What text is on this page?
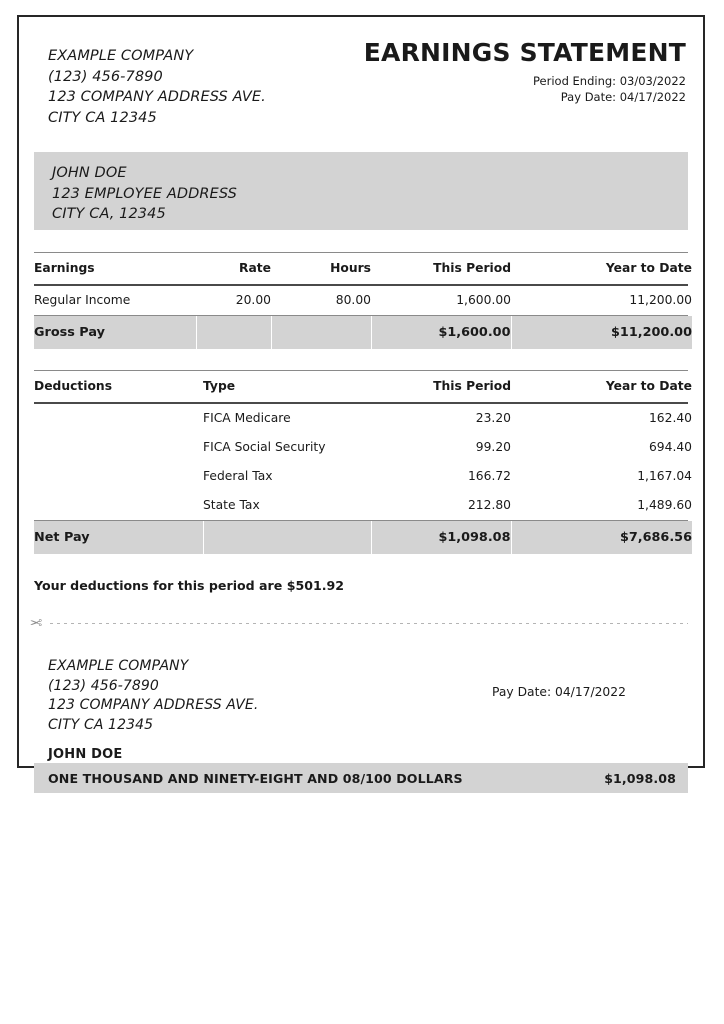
EXAMPLE COMPANY
(123) 456-7890
123 COMPANY ADDRESS AVE.
CITY CA 12345
EARNINGS STATEMENT
Period Ending: 03/03/2022
Pay Date: 04/17/2022
JOHN DOE
123 EMPLOYEE ADDRESS
CITY CA, 12345
Earnings	Rate	Hours	This Period	Year to Date
Regular Income	20.00	80.00	1,600.00	11,200.00
Gross Pay			$1,600.00	$11,200.00
Deductions	Type	This Period	Year to Date
	FICA Medicare	23.20	162.40
	FICA Social Security	99.20	694.40
	Federal Tax	166.72	1,167.04
	State Tax	212.80	1,489.60
Net Pay		$1,098.08	$7,686.56
Your deductions for this period are $501.92
✂
EXAMPLE COMPANY
(123) 456-7890
123 COMPANY ADDRESS AVE.
CITY CA 12345
Pay Date: 04/17/2022
JOHN DOE
ONE THOUSAND AND NINETY-EIGHT AND 08/100 DOLLARS	$1,098.08
